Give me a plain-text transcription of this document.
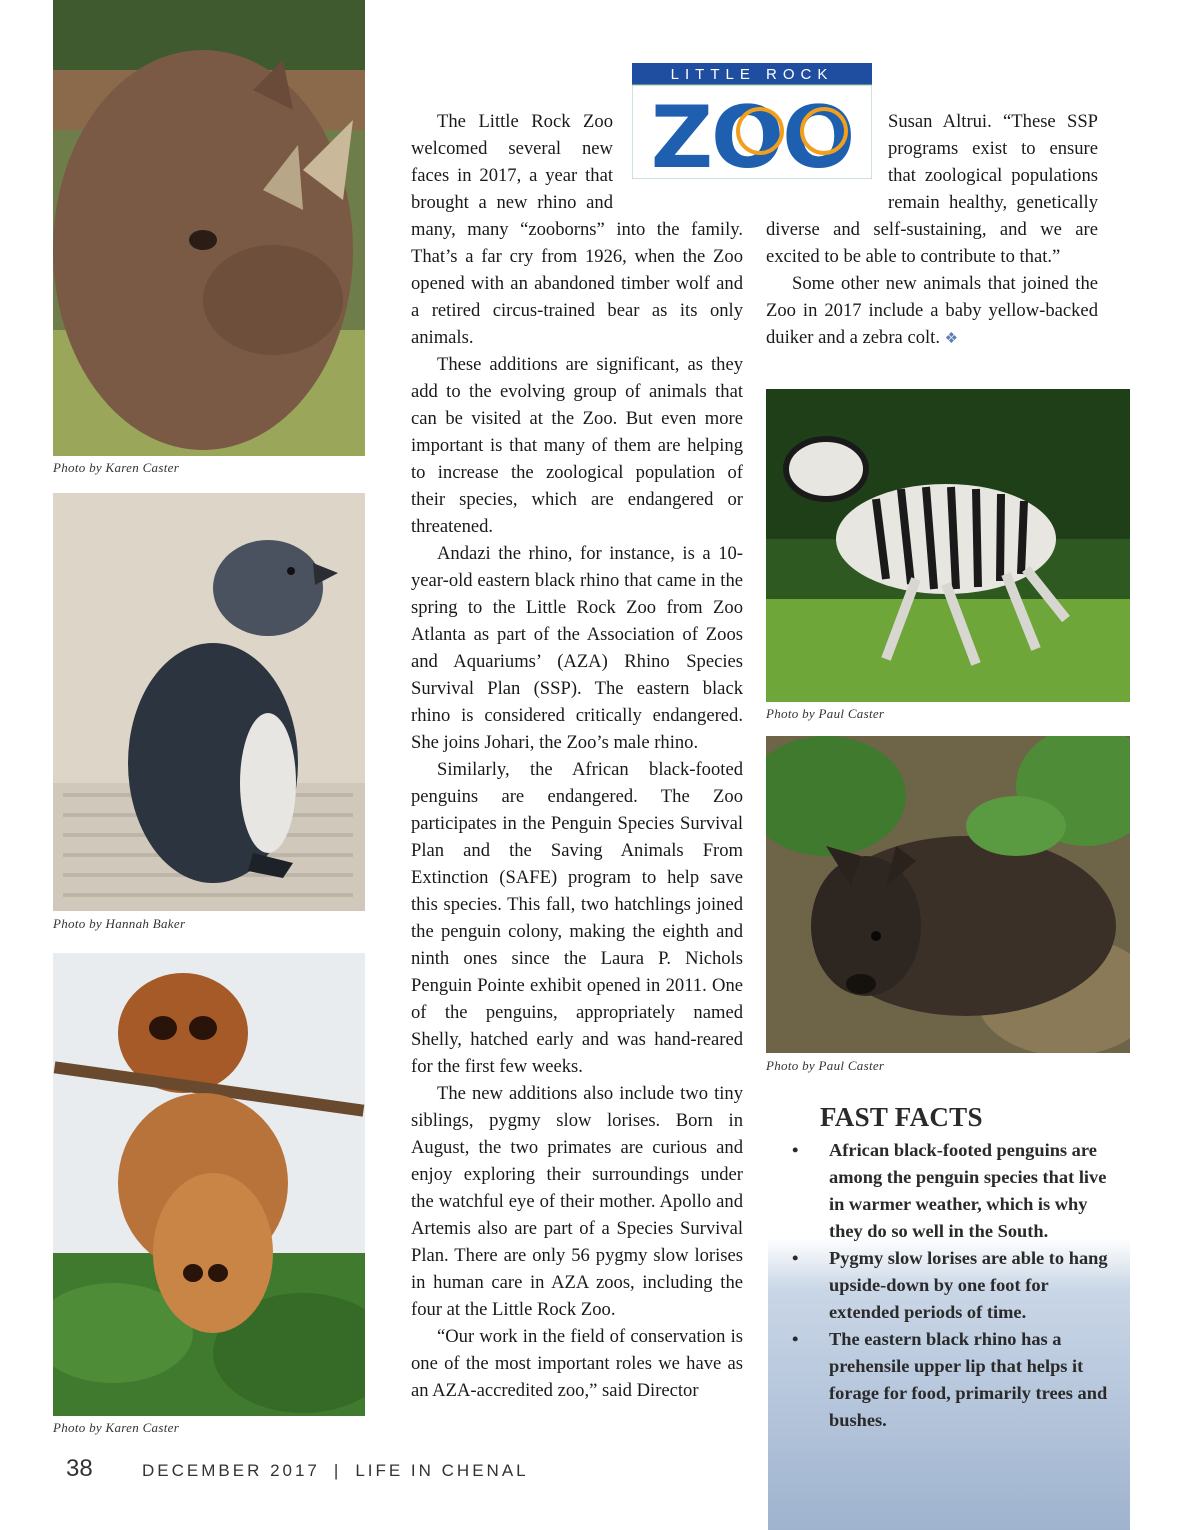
Photo by Karen Caster
Photo by Hannah Baker
Photo by Karen Caster
LITTLE ROCK
ZOO

The Little Rock Zoo welcomed several new faces in 2017, a year that brought a new rhino and many, many “zooborns” into the family. That’s a far cry from 1926, when the Zoo opened with an abandoned timber wolf and a retired circus-trained bear as its only animals.

These additions are significant, as they add to the evolving group of animals that can be visited at the Zoo. But even more important is that many of them are helping to increase the zoological population of their species, which are endangered or threatened.

Andazi the rhino, for instance, is a 10-year-old eastern black rhino that came in the spring to the Little Rock Zoo from Zoo Atlanta as part of the Association of Zoos and Aquariums’ (AZA) Rhino Species Survival Plan (SSP). The eastern black rhino is considered critically endangered. She joins Johari, the Zoo’s male rhino.

Similarly, the African black-footed penguins are endangered. The Zoo participates in the Penguin Species Survival Plan and the Saving Animals From Extinction (SAFE) program to help save this species. This fall, two hatchlings joined the penguin colony, making the eighth and ninth ones since the Laura P. Nichols Penguin Pointe exhibit opened in 2011. One of the penguins, appropriately named Shelly, hatched early and was hand-reared for the first few weeks.

The new additions also include two tiny siblings, pygmy slow lorises. Born in August, the two primates are curious and enjoy exploring their surroundings under the watchful eye of their mother. Apollo and Artemis also are part of a Species Survival Plan. There are only 56 pygmy slow lorises in human care in AZA zoos, including the four at the Little Rock Zoo.

“Our work in the field of conservation is one of the most important roles we have as an AZA-accredited zoo,” said Director

Susan Altrui. “These SSP programs exist to ensure that zoological populations remain healthy, genetically diverse and self-sustaining, and we are excited to be able to contribute to that.”

Some other new animals that joined the Zoo in 2017 include a baby yellow-backed duiker and a zebra colt. ❖

Photo by Paul Caster
Photo by Paul Caster
FAST FACTS
• African black-footed penguins are among the penguin species that live in warmer weather, which is why they do so well in the South.
• Pygmy slow lorises are able to hang upside-down by one foot for extended periods of time.
• The eastern black rhino has a prehensile upper lip that helps it forage for food, primarily trees and bushes.
38	DECEMBER 2017 | LIFE IN CHENAL
